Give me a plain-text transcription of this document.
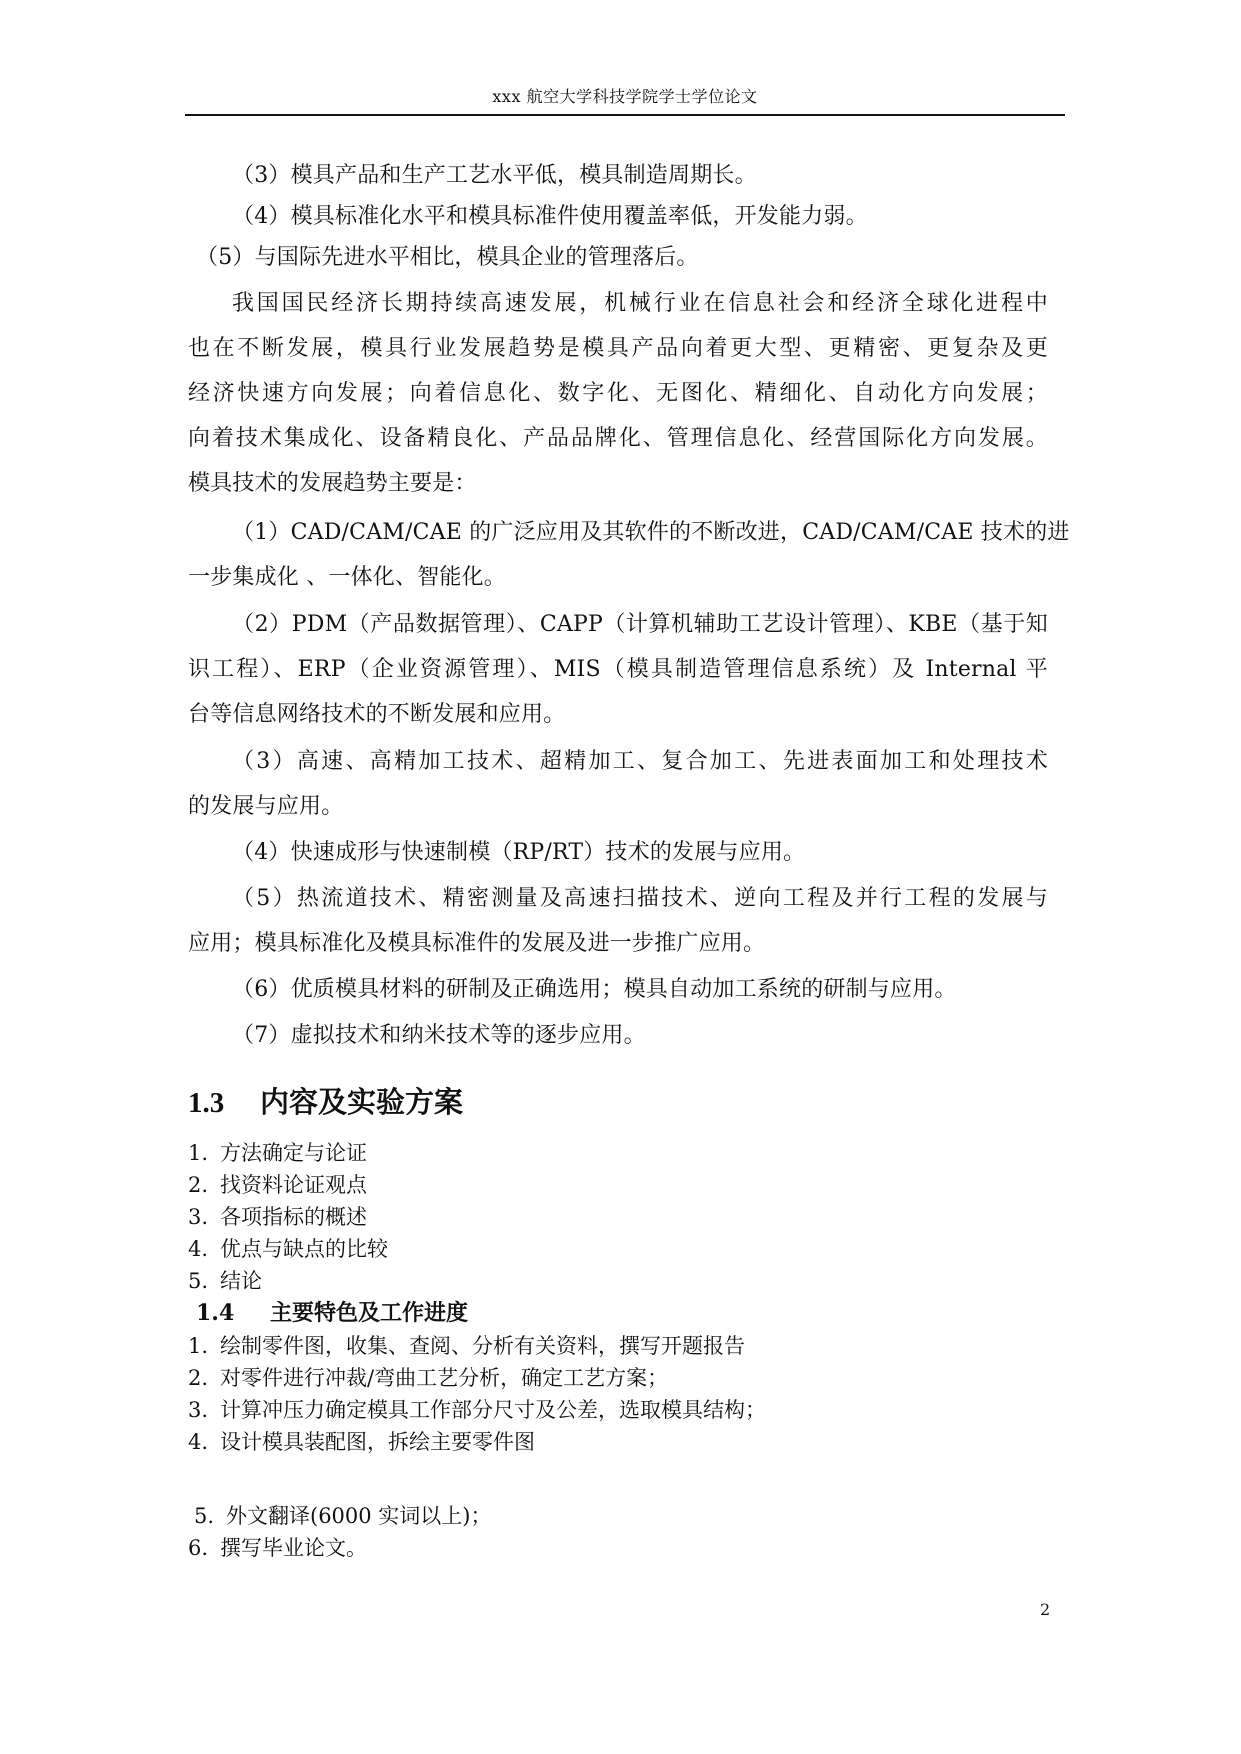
xxx 航空大学科技学院学士学位论文
（3）模具产品和生产工艺水平低，模具制造周期长。
（4）模具标准化水平和模具标准件使用覆盖率低，开发能力弱。
（5）与国际先进水平相比，模具企业的管理落后。
我国国民经济长期持续高速发展，机械行业在信息社会和经济全球化进程中
也在不断发展，模具行业发展趋势是模具产品向着更大型、更精密、更复杂及更
经济快速方向发展；向着信息化、数字化、无图化、精细化、自动化方向发展；
向着技术集成化、设备精良化、产品品牌化、管理信息化、经营国际化方向发展。
模具技术的发展趋势主要是：
（1）CAD/CAM/CAE 的广泛应用及其软件的不断改进，CAD/CAM/CAE 技术的进
一步集成化 、一体化、智能化。
（2）PDM（产品数据管理）、CAPP（计算机辅助工艺设计管理）、KBE（基于知
识工程）、ERP（企业资源管理）、MIS（模具制造管理信息系统）及 Internal 平
台等信息网络技术的不断发展和应用。
（3）高速、高精加工技术、超精加工、复合加工、先进表面加工和处理技术
的发展与应用。
（4）快速成形与快速制模（RP/RT）技术的发展与应用。
（5）热流道技术、精密测量及高速扫描技术、逆向工程及并行工程的发展与
应用；模具标准化及模具标准件的发展及进一步推广应用。
（6）优质模具材料的研制及正确选用；模具自动加工系统的研制与应用。
（7）虚拟技术和纳米技术等的逐步应用。
1.3 内容及实验方案
1. 方法确定与论证
2. 找资料论证观点
3. 各项指标的概述
4. 优点与缺点的比较
5. 结论
1.4 主要特色及工作进度
1. 绘制零件图，收集、查阅、分析有关资料，撰写开题报告
2. 对零件进行冲裁/弯曲工艺分析，确定工艺方案；
3. 计算冲压力确定模具工作部分尺寸及公差，选取模具结构；
4. 设计模具装配图，拆绘主要零件图
5. 外文翻译(6000 实词以上)；
6. 撰写毕业论文。
2
